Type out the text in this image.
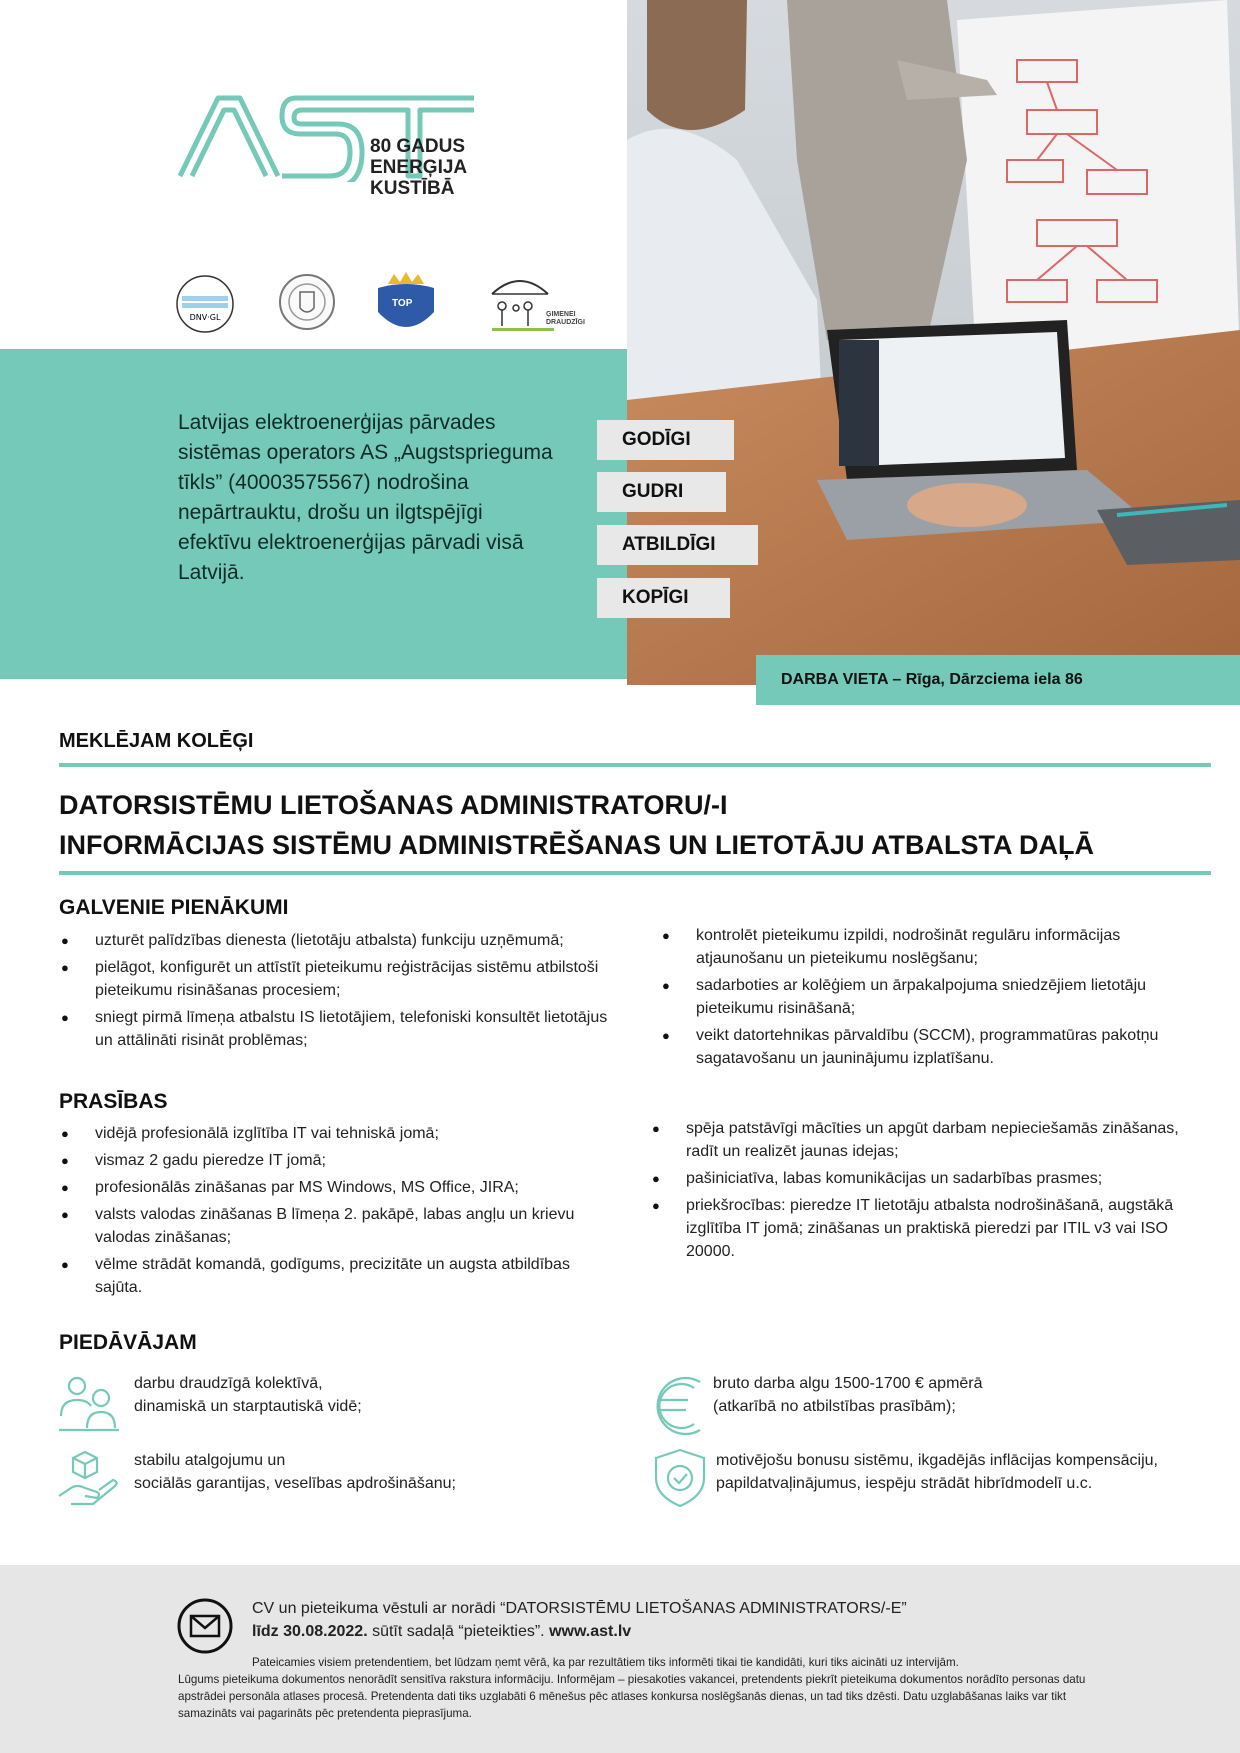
80 GADUS
ENERĢIJA
KUSTĪBĀ
DNV·GL
TOP
ĢIMENEI
DRAUDZĪGI
Latvijas elektroenerģijas pārvades sistēmas operators AS „Augstsprieguma tīkls” (40003575567) nodrošina nepārtrauktu, drošu un ilgtspējīgi efektīvu elektroenerģijas pārvadi visā Latvijā.
GODĪGI
GUDRI
ATBILDĪGI
KOPĪGI
DARBA VIETA – Rīga, Dārzciema iela 86
MEKLĒJAM KOLĒĢI
DATORSISTĒMU LIETOŠANAS ADMINISTRATORU/-I
INFORMĀCIJAS SISTĒMU ADMINISTRĒŠANAS UN LIETOTĀJU ATBALSTA DAĻĀ
GALVENIE PIENĀKUMI
● uzturēt palīdzības dienesta (lietotāju atbalsta) funkciju uzņēmumā;
● pielāgot, konfigurēt un attīstīt pieteikumu reģistrācijas sistēmu atbilstoši pieteikumu risināšanas procesiem;
● sniegt pirmā līmeņa atbalstu IS lietotājiem, telefoniski konsultēt lietotājus un attālināti risināt problēmas;
● kontrolēt pieteikumu izpildi, nodrošināt regulāru informācijas atjaunošanu un pieteikumu noslēgšanu;
● sadarboties ar kolēģiem un ārpakalpojuma sniedzējiem lietotāju pieteikumu risināšanā;
● veikt datortehnikas pārvaldību (SCCM), programmatūras pakotņu sagatavošanu un jauninājumu izplatīšanu.
PRASĪBAS
● vidējā profesionālā izglītība IT vai tehniskā jomā;
● vismaz 2 gadu pieredze IT jomā;
● profesionālās zināšanas par MS Windows, MS Office, JIRA;
● valsts valodas zināšanas B līmeņa 2. pakāpē, labas angļu un krievu valodas zināšanas;
● vēlme strādāt komandā, godīgums, precizitāte un augsta atbildības sajūta.
● spēja patstāvīgi mācīties un apgūt darbam nepieciešamās zināšanas, radīt un realizēt jaunas idejas;
● pašiniciatīva, labas komunikācijas un sadarbības prasmes;
● priekšrocības: pieredze IT lietotāju atbalsta nodrošināšanā, augstākā izglītība IT jomā; zināšanas un praktiskā pieredzi par ITIL v3 vai ISO 20000.
PIEDĀVĀJAM
darbu draudzīgā kolektīvā,
dinamiskā un starptautiskā vidē;
bruto darba algu 1500-1700 € apmērā
(atkarībā no atbilstības prasībām);
stabilu atalgojumu un
sociālās garantijas, veselības apdrošināšanu;
motivējošu bonusu sistēmu, ikgadējās inflācijas kompensāciju,
papildatvaļinājumus, iespēju strādāt hibrīdmodelī u.c.
CV un pieteikuma vēstuli ar norādi “DATORSISTĒMU LIETOŠANAS ADMINISTRATORS/-E”
līdz 30.08.2022. sūtīt sadaļā “pieteikties”. www.ast.lv
Pateicamies visiem pretendentiem, bet lūdzam ņemt vērā, ka par rezultātiem tiks informēti tikai tie kandidāti, kuri tiks aicināti uz intervijām.
Lūgums pieteikuma dokumentos nenorādīt sensitīva rakstura informāciju. Informējam – piesakoties vakancei, pretendents piekrīt pieteikuma dokumentos norādīto personas datu apstrādei personāla atlases procesā. Pretendenta dati tiks uzglabāti 6 mēnešus pēc atlases konkursa noslēgšanās dienas, un tad tiks dzēsti. Datu uzglabāšanas laiks var tikt samazināts vai pagarināts pēc pretendenta pieprasījuma.
